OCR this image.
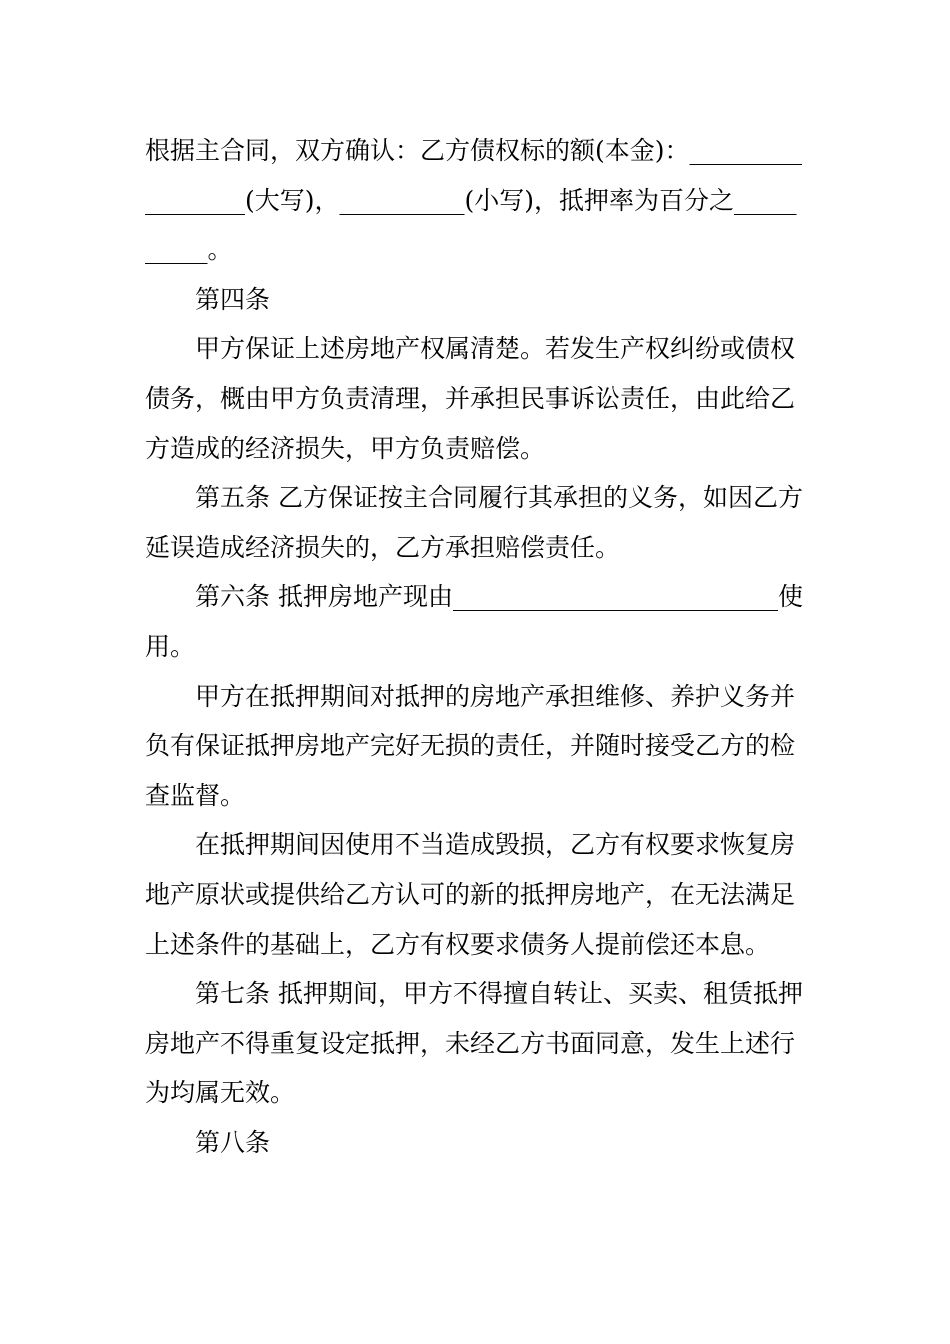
根据主合同，双方确认：乙方债权标的额(本金)：_________________(大写)，__________(小写)，抵押率为百分之__________。

第四条

甲方保证上述房地产权属清楚。若发生产权纠纷或债权债务，概由甲方负责清理，并承担民事诉讼责任，由此给乙方造成的经济损失，甲方负责赔偿。

第五条 乙方保证按主合同履行其承担的义务，如因乙方延误造成经济损失的，乙方承担赔偿责任。

第六条 抵押房地产现由__________________________使用。

甲方在抵押期间对抵押的房地产承担维修、养护义务并负有保证抵押房地产完好无损的责任，并随时接受乙方的检查监督。

在抵押期间因使用不当造成毁损，乙方有权要求恢复房地产原状或提供给乙方认可的新的抵押房地产，在无法满足上述条件的基础上，乙方有权要求债务人提前偿还本息。

第七条 抵押期间，甲方不得擅自转让、买卖、租赁抵押房地产不得重复设定抵押，未经乙方书面同意，发生上述行为均属无效。

第八条
